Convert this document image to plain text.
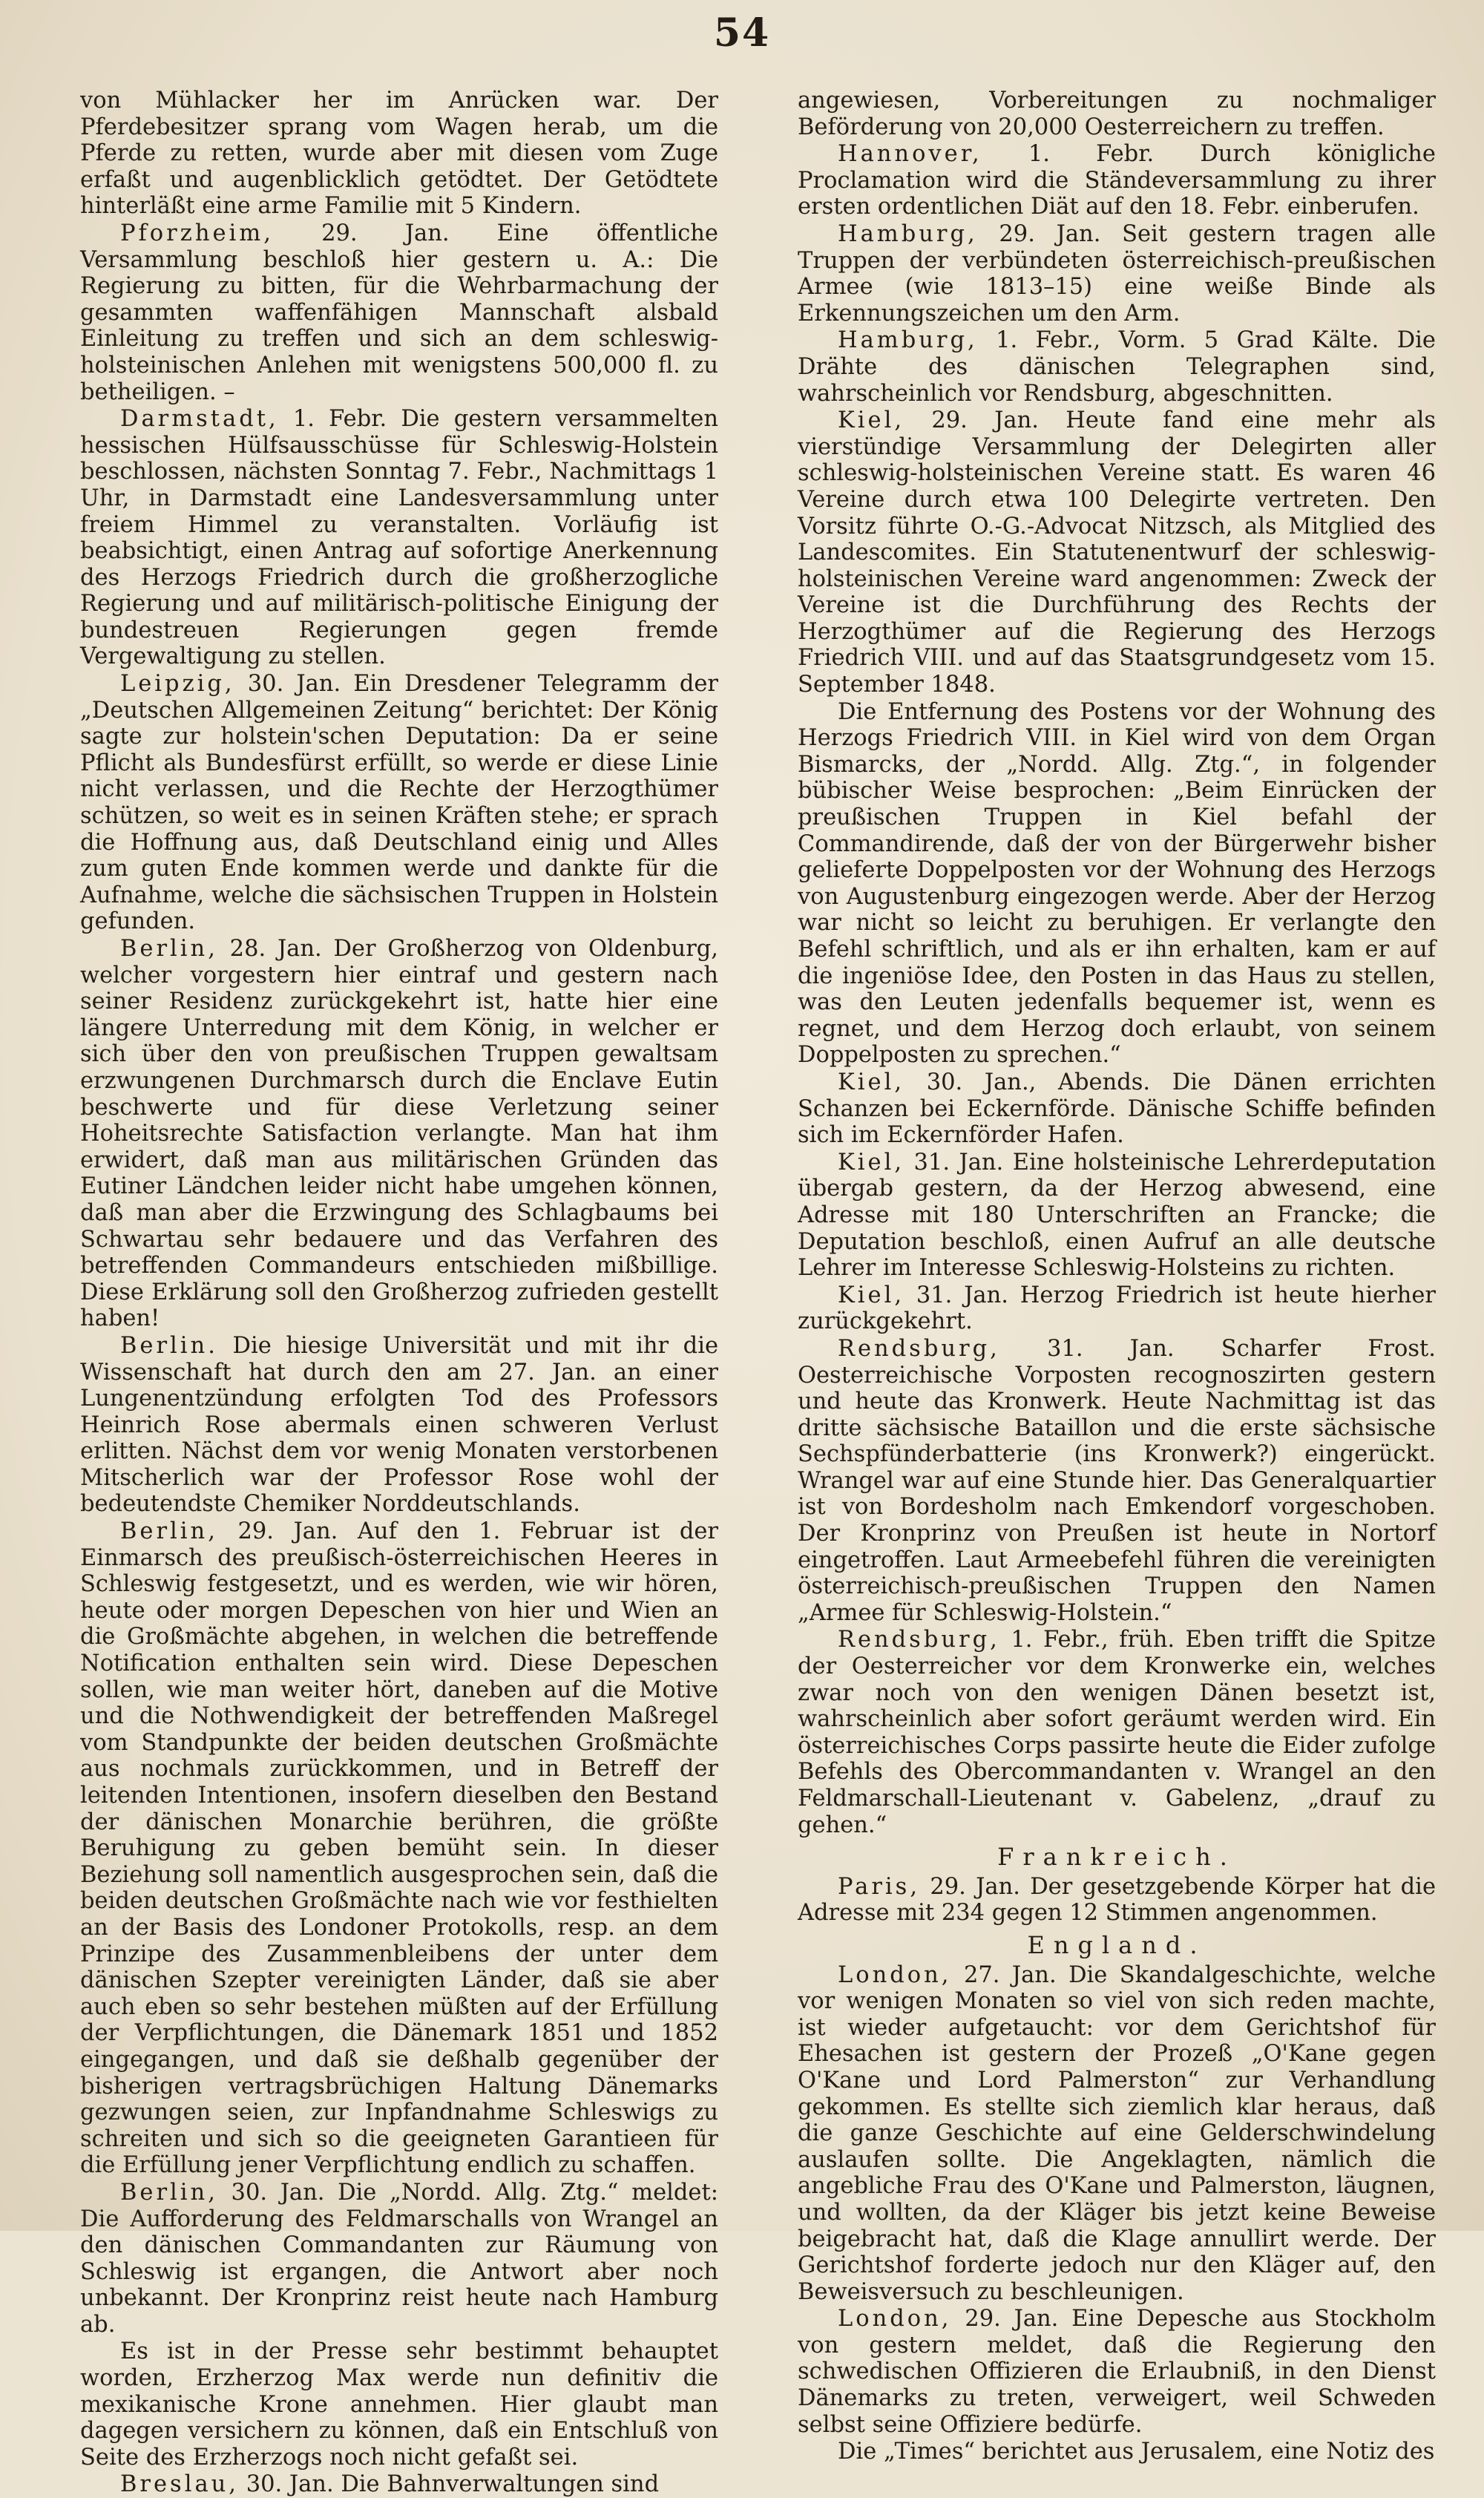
54

von Mühlacker her im Anrücken war. Der Pferdebesitzer sprang vom Wagen herab, um die Pferde zu retten, wurde aber mit diesen vom Zuge erfaßt und augenblicklich getödtet. Der Getödtete hinterläßt eine arme Familie mit 5 Kindern.

Pforzheim, 29. Jan. Eine öffentliche Versammlung beschloß hier gestern u. A.: Die Regierung zu bitten, für die Wehrbarmachung der gesammten waffenfähigen Mannschaft alsbald Einleitung zu treffen und sich an dem schleswig-holsteinischen Anlehen mit wenigstens 500,000 fl. zu betheiligen. –

Darmstadt, 1. Febr. Die gestern versammelten hessischen Hülfsausschüsse für Schleswig-Holstein beschlossen, nächsten Sonntag 7. Febr., Nachmittags 1 Uhr, in Darmstadt eine Landesversammlung unter freiem Himmel zu veranstalten. Vorläufig ist beabsichtigt, einen Antrag auf sofortige Anerkennung des Herzogs Friedrich durch die großherzogliche Regierung und auf militärisch-politische Einigung der bundestreuen Regierungen gegen fremde Vergewaltigung zu stellen.

Leipzig, 30. Jan. Ein Dresdener Telegramm der „Deutschen Allgemeinen Zeitung“ berichtet: Der König sagte zur holstein'schen Deputation: Da er seine Pflicht als Bundesfürst erfüllt, so werde er diese Linie nicht verlassen, und die Rechte der Herzogthümer schützen, so weit es in seinen Kräften stehe; er sprach die Hoffnung aus, daß Deutschland einig und Alles zum guten Ende kommen werde und dankte für die Aufnahme, welche die sächsischen Truppen in Holstein gefunden.

Berlin, 28. Jan. Der Großherzog von Oldenburg, welcher vorgestern hier eintraf und gestern nach seiner Residenz zurückgekehrt ist, hatte hier eine längere Unterredung mit dem König, in welcher er sich über den von preußischen Truppen gewaltsam erzwungenen Durchmarsch durch die Enclave Eutin beschwerte und für diese Verletzung seiner Hoheitsrechte Satisfaction verlangte. Man hat ihm erwidert, daß man aus militärischen Gründen das Eutiner Ländchen leider nicht habe umgehen können, daß man aber die Erzwingung des Schlagbaums bei Schwartau sehr bedauere und das Verfahren des betreffenden Commandeurs entschieden mißbillige. Diese Erklärung soll den Großherzog zufrieden gestellt haben!

Berlin. Die hiesige Universität und mit ihr die Wissenschaft hat durch den am 27. Jan. an einer Lungenentzündung erfolgten Tod des Professors Heinrich Rose abermals einen schweren Verlust erlitten. Nächst dem vor wenig Monaten verstorbenen Mitscherlich war der Professor Rose wohl der bedeutendste Chemiker Norddeutschlands.

Berlin, 29. Jan. Auf den 1. Februar ist der Einmarsch des preußisch-österreichischen Heeres in Schleswig festgesetzt, und es werden, wie wir hören, heute oder morgen Depeschen von hier und Wien an die Großmächte abgehen, in welchen die betreffende Notification enthalten sein wird. Diese Depeschen sollen, wie man weiter hört, daneben auf die Motive und die Nothwendigkeit der betreffenden Maßregel vom Standpunkte der beiden deutschen Großmächte aus nochmals zurückkommen, und in Betreff der leitenden Intentionen, insofern dieselben den Bestand der dänischen Monarchie berühren, die größte Beruhigung zu geben bemüht sein. In dieser Beziehung soll namentlich ausgesprochen sein, daß die beiden deutschen Großmächte nach wie vor festhielten an der Basis des Londoner Protokolls, resp. an dem Prinzipe des Zusammenbleibens der unter dem dänischen Szepter vereinigten Länder, daß sie aber auch eben so sehr bestehen müßten auf der Erfüllung der Verpflichtungen, die Dänemark 1851 und 1852 eingegangen, und daß sie deßhalb gegenüber der bisherigen vertragsbrüchigen Haltung Dänemarks gezwungen seien, zur Inpfandnahme Schleswigs zu schreiten und sich so die geeigneten Garantieen für die Erfüllung jener Verpflichtung endlich zu schaffen.

Berlin, 30. Jan. Die „Nordd. Allg. Ztg.“ meldet: Die Aufforderung des Feldmarschalls von Wrangel an den dänischen Commandanten zur Räumung von Schleswig ist ergangen, die Antwort aber noch unbekannt. Der Kronprinz reist heute nach Hamburg ab.

Es ist in der Presse sehr bestimmt behauptet worden, Erzherzog Max werde nun definitiv die mexikanische Krone annehmen. Hier glaubt man dagegen versichern zu können, daß ein Entschluß von Seite des Erzherzogs noch nicht gefaßt sei.

Breslau, 30. Jan. Die Bahnverwaltungen sind

angewiesen, Vorbereitungen zu nochmaliger Beförderung von 20,000 Oesterreichern zu treffen.

Hannover, 1. Febr. Durch königliche Proclamation wird die Ständeversammlung zu ihrer ersten ordentlichen Diät auf den 18. Febr. einberufen.

Hamburg, 29. Jan. Seit gestern tragen alle Truppen der verbündeten österreichisch-preußischen Armee (wie 1813–15) eine weiße Binde als Erkennungszeichen um den Arm.

Hamburg, 1. Febr., Vorm. 5 Grad Kälte. Die Drähte des dänischen Telegraphen sind, wahrscheinlich vor Rendsburg, abgeschnitten.

Kiel, 29. Jan. Heute fand eine mehr als vierstündige Versammlung der Delegirten aller schleswig-holsteinischen Vereine statt. Es waren 46 Vereine durch etwa 100 Delegirte vertreten. Den Vorsitz führte O.-G.-Advocat Nitzsch, als Mitglied des Landescomites. Ein Statutenentwurf der schleswig-holsteinischen Vereine ward angenommen: Zweck der Vereine ist die Durchführung des Rechts der Herzogthümer auf die Regierung des Herzogs Friedrich VIII. und auf das Staatsgrundgesetz vom 15. September 1848.

Die Entfernung des Postens vor der Wohnung des Herzogs Friedrich VIII. in Kiel wird von dem Organ Bismarcks, der „Nordd. Allg. Ztg.“, in folgender bübischer Weise besprochen: „Beim Einrücken der preußischen Truppen in Kiel befahl der Commandirende, daß der von der Bürgerwehr bisher gelieferte Doppelposten vor der Wohnung des Herzogs von Augustenburg eingezogen werde. Aber der Herzog war nicht so leicht zu beruhigen. Er verlangte den Befehl schriftlich, und als er ihn erhalten, kam er auf die ingeniöse Idee, den Posten in das Haus zu stellen, was den Leuten jedenfalls bequemer ist, wenn es regnet, und dem Herzog doch erlaubt, von seinem Doppelposten zu sprechen.“

Kiel, 30. Jan., Abends. Die Dänen errichten Schanzen bei Eckernförde. Dänische Schiffe befinden sich im Eckernförder Hafen.

Kiel, 31. Jan. Eine holsteinische Lehrerdeputation übergab gestern, da der Herzog abwesend, eine Adresse mit 180 Unterschriften an Francke; die Deputation beschloß, einen Aufruf an alle deutsche Lehrer im Interesse Schleswig-Holsteins zu richten.

Kiel, 31. Jan. Herzog Friedrich ist heute hierher zurückgekehrt.

Rendsburg, 31. Jan. Scharfer Frost. Oesterreichische Vorposten recognoszirten gestern und heute das Kronwerk. Heute Nachmittag ist das dritte sächsische Bataillon und die erste sächsische Sechspfünderbatterie (ins Kronwerk?) eingerückt. Wrangel war auf eine Stunde hier. Das Generalquartier ist von Bordesholm nach Emkendorf vorgeschoben. Der Kronprinz von Preußen ist heute in Nortorf eingetroffen. Laut Armeebefehl führen die vereinigten österreichisch-preußischen Truppen den Namen „Armee für Schleswig-Holstein.“

Rendsburg, 1. Febr., früh. Eben trifft die Spitze der Oesterreicher vor dem Kronwerke ein, welches zwar noch von den wenigen Dänen besetzt ist, wahrscheinlich aber sofort geräumt werden wird. Ein österreichisches Corps passirte heute die Eider zufolge Befehls des Obercommandanten v. Wrangel an den Feldmarschall-Lieutenant v. Gabelenz, „drauf zu gehen.“

Frankreich.

Paris, 29. Jan. Der gesetzgebende Körper hat die Adresse mit 234 gegen 12 Stimmen angenommen.

England.

London, 27. Jan. Die Skandalgeschichte, welche vor wenigen Monaten so viel von sich reden machte, ist wieder aufgetaucht: vor dem Gerichtshof für Ehesachen ist gestern der Prozeß „O'Kane gegen O'Kane und Lord Palmerston“ zur Verhandlung gekommen. Es stellte sich ziemlich klar heraus, daß die ganze Geschichte auf eine Gelderschwindelung auslaufen sollte. Die Angeklagten, nämlich die angebliche Frau des O'Kane und Palmerston, läugnen, und wollten, da der Kläger bis jetzt keine Beweise beigebracht hat, daß die Klage annullirt werde. Der Gerichtshof forderte jedoch nur den Kläger auf, den Beweisversuch zu beschleunigen.

London, 29. Jan. Eine Depesche aus Stockholm von gestern meldet, daß die Regierung den schwedischen Offizieren die Erlaubniß, in den Dienst Dänemarks zu treten, verweigert, weil Schweden selbst seine Offiziere bedürfe.

Die „Times“ berichtet aus Jerusalem, eine Notiz des
